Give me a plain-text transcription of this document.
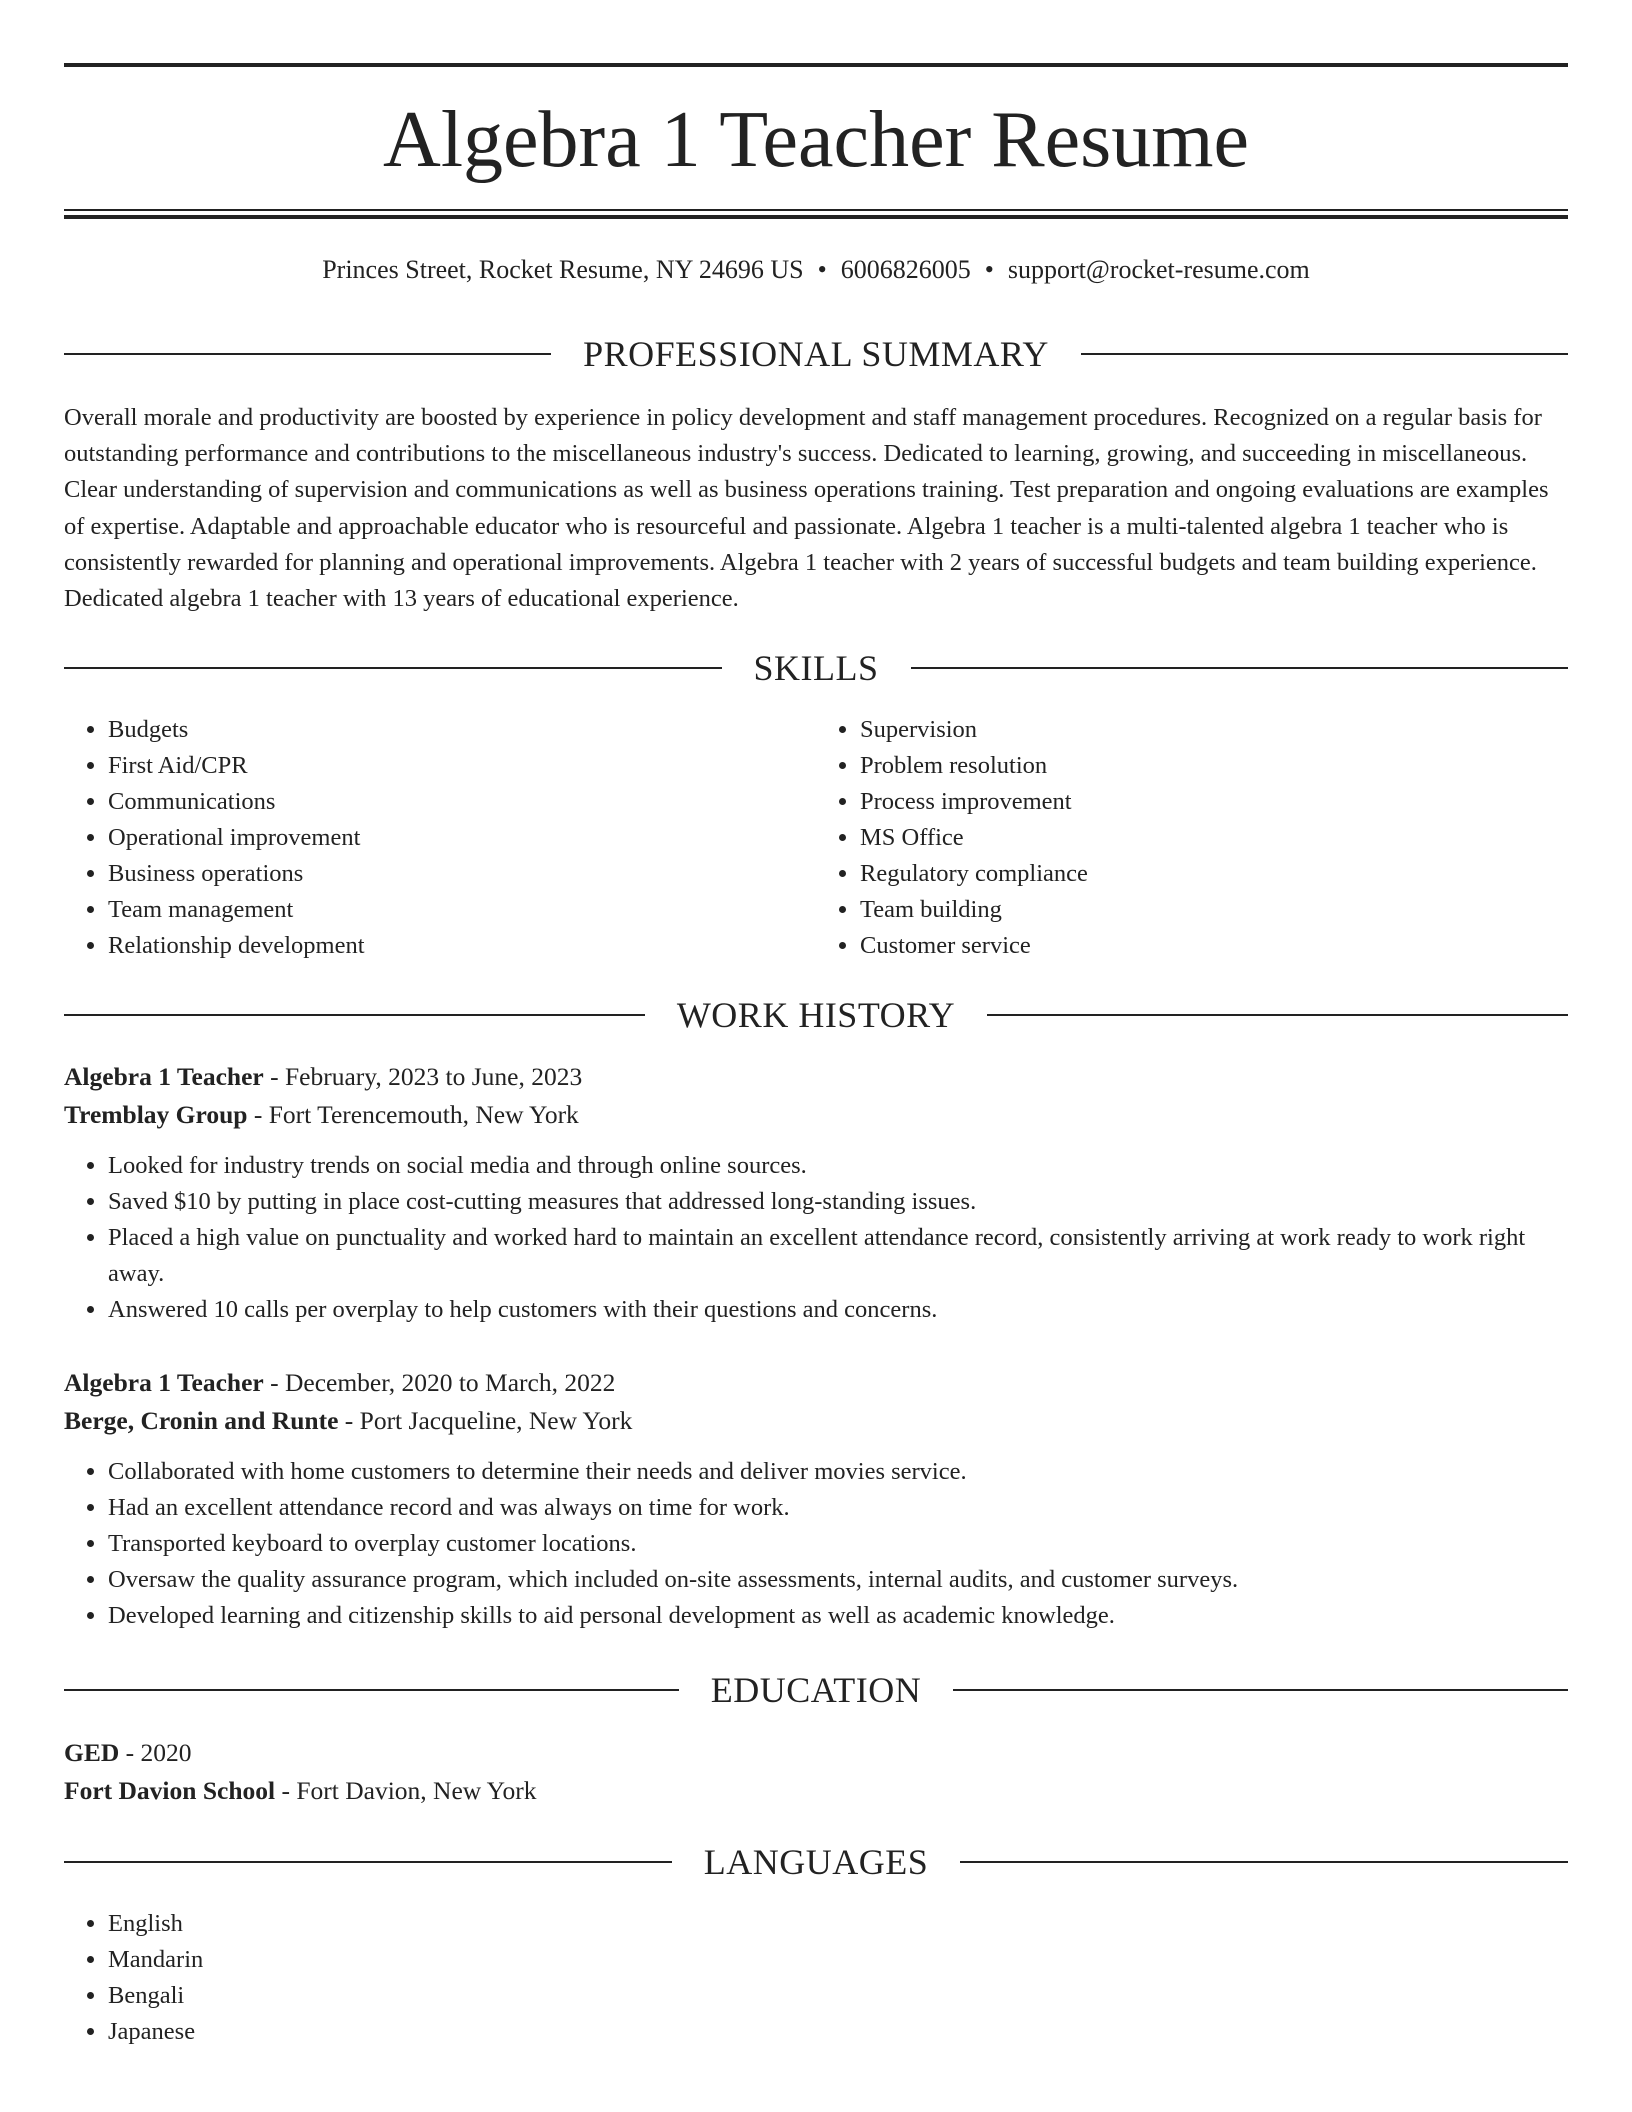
Algebra 1 Teacher Resume
Princes Street, Rocket Resume, NY 24696 US • 6006826005 • support@rocket-resume.com
PROFESSIONAL SUMMARY

Overall morale and productivity are boosted by experience in policy development and staff management procedures. Recognized on a regular basis for outstanding performance and contributions to the miscellaneous industry's success. Dedicated to learning, growing, and succeeding in miscellaneous. Clear understanding of supervision and communications as well as business operations training. Test preparation and ongoing evaluations are examples of expertise. Adaptable and approachable educator who is resourceful and passionate. Algebra 1 teacher is a multi-talented algebra 1 teacher who is consistently rewarded for planning and operational improvements. Algebra 1 teacher with 2 years of successful budgets and team building experience. Dedicated algebra 1 teacher with 13 years of educational experience.

SKILLS
• Budgets
• First Aid/CPR
• Communications
• Operational improvement
• Business operations
• Team management
• Relationship development
• Supervision
• Problem resolution
• Process improvement
• MS Office
• Regulatory compliance
• Team building
• Customer service
WORK HISTORY
Algebra 1 Teacher - February, 2023 to June, 2023
Tremblay Group - Fort Terencemouth, New York
• Looked for industry trends on social media and through online sources.
• Saved $10 by putting in place cost-cutting measures that addressed long-standing issues.
• Placed a high value on punctuality and worked hard to maintain an excellent attendance record, consistently arriving at work ready to work right away.
• Answered 10 calls per overplay to help customers with their questions and concerns.
Algebra 1 Teacher - December, 2020 to March, 2022
Berge, Cronin and Runte - Port Jacqueline, New York
• Collaborated with home customers to determine their needs and deliver movies service.
• Had an excellent attendance record and was always on time for work.
• Transported keyboard to overplay customer locations.
• Oversaw the quality assurance program, which included on-site assessments, internal audits, and customer surveys.
• Developed learning and citizenship skills to aid personal development as well as academic knowledge.
EDUCATION
GED - 2020
Fort Davion School - Fort Davion, New York
LANGUAGES
• English
• Mandarin
• Bengali
• Japanese
